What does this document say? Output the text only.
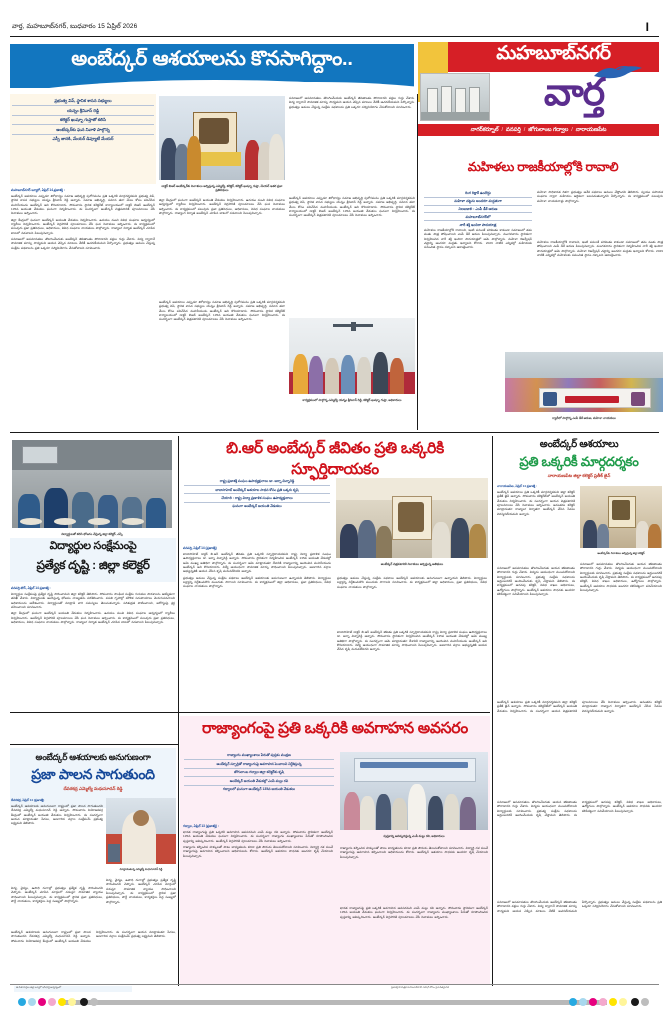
వార్త, మహబూబ్‌నగర్, బుధవారం 15 ఏప్రిల్ 2026	I
అంబేద్కర్ ఆశయాలను కొనసాగిద్దాం..	మహబూబ్‌నగర్
వార్త
నాగర్‌కర్నూల్ / వనపర్తి / జోగులాంబ గద్వాల / నారాయణపేట
ప్రభుత్వ విప్, స్థానిక శాసన సభ్యులు
యన్నం శ్రీనివాస్ రెడ్డి
కలెక్టర్ ఖుష్బూ గుప్తాతో కలిసి
అంబేద్కర్‌కు ఘన నివాళి పాల్గొన్న
ఎస్పీ జానకి, మేయర్ డిప్యూటీ మేయర్
మహబూబ్‌నగర్ బ్యూరో, ఏప్రిల్ 14,ప్రజాశక్తి :
అంబేద్కర్ ఆశయాలు ఎప్పుడూ శిరోధార్యం సమాజ అభివృద్ధి పురోగమనం ప్రతి ఒక్కరికి మార్గదర్శకమని ప్రభుత్వ విప్, స్థానిక శాసన సభ్యులు యన్నం శ్రీనివాస్ రెడ్డి అన్నారు. సమాజ అభివృద్ధి, సమాన తలా మేలు కోసం పనిచేసిన మహనీయుడు అంబేద్కర్ అని కొనియాడారు. సోమవారం స్థానిక కలెక్టరేట్ కార్యాలయంలో డాక్టర్ బిఆర్ అంబేద్కర్ 135వ జయంతి వేడుకలు ఘనంగా నిర్వహించారు. ఈ సందర్భంగా అంబేద్కర్ చిత్రపటానికి పూలమాలలు వేసి నివాళులు అర్పించారు.
జిల్లా కేంద్రంలో ఘనంగా అంబేద్కర్ జయంతి వేడుకలు నిర్వహించారు. ఉదయం నుంచి వివిధ సంఘాల ఆధ్వర్యంలో ర్యాలీలు నిర్వహించారు. అంబేద్కర్ విగ్రహానికి పూలమాలలు వేసి ఘన నివాళులు అర్పించారు. ఈ కార్యక్రమంలో పలువురు ప్రజా ప్రతినిధులు, అధికారులు, వివిధ సంఘాల నాయకులు పాల్గొన్నారు. రాజ్యాంగ నిర్మాత అంబేద్కర్ చూపిన బాటలో నడవాలని పిలుపునిచ్చారు.
సమాజంలో అసమానతలు తొలగించేందుకు అంబేద్కర్ జీవితాంతం పోరాడారని వక్తలు గుర్తు చేశారు. విద్య ద్వారానే సామాజిక మార్పు సాధ్యమని ఆయన చెప్పిన మాటలు నేటికీ ఆచరణీయమని పేర్కొన్నారు. ప్రభుత్వం అమలు చేస్తున్న సంక్షేమ పథకాలను ప్రతి ఒక్కరూ సద్వినియోగం చేసుకోవాలని సూచించారు.
డాక్టర్ బిఆర్ అంబేద్కర్‌కు నివాళులు అర్పిస్తున్న ఎమ్మెల్యే, కలెక్టర్, కలెక్టర్ ఖుష్బూ గుప్తా, మేయర్ ఇతర ప్రజా ప్రతినిధులు
జిల్లా కేంద్రంలో ఘనంగా అంబేద్కర్ జయంతి వేడుకలు నిర్వహించారు. ఉదయం నుంచి వివిధ సంఘాల ఆధ్వర్యంలో ర్యాలీలు నిర్వహించారు. అంబేద్కర్ విగ్రహానికి పూలమాలలు వేసి ఘన నివాళులు అర్పించారు. ఈ కార్యక్రమంలో పలువురు ప్రజా ప్రతినిధులు, అధికారులు, వివిధ సంఘాల నాయకులు పాల్గొన్నారు. రాజ్యాంగ నిర్మాత అంబేద్కర్ చూపిన బాటలో నడవాలని పిలుపునిచ్చారు.
అంబేద్కర్ ఆశయాలు ఎప్పుడూ శిరోధార్యం సమాజ అభివృద్ధి పురోగమనం ప్రతి ఒక్కరికి మార్గదర్శకమని ప్రభుత్వ విప్, స్థానిక శాసన సభ్యులు యన్నం శ్రీనివాస్ రెడ్డి అన్నారు. సమాజ అభివృద్ధి, సమాన తలా మేలు కోసం పనిచేసిన మహనీయుడు అంబేద్కర్ అని కొనియాడారు. సోమవారం స్థానిక కలెక్టరేట్ కార్యాలయంలో డాక్టర్ బిఆర్ అంబేద్కర్ 135వ జయంతి వేడుకలు ఘనంగా నిర్వహించారు. ఈ సందర్భంగా అంబేద్కర్ చిత్రపటానికి పూలమాలలు వేసి నివాళులు అర్పించారు.
సమాజంలో అసమానతలు తొలగించేందుకు అంబేద్కర్ జీవితాంతం పోరాడారని వక్తలు గుర్తు చేశారు. విద్య ద్వారానే సామాజిక మార్పు సాధ్యమని ఆయన చెప్పిన మాటలు నేటికీ ఆచరణీయమని పేర్కొన్నారు. ప్రభుత్వం అమలు చేస్తున్న సంక్షేమ పథకాలను ప్రతి ఒక్కరూ సద్వినియోగం చేసుకోవాలని సూచించారు.
అంబేద్కర్ ఆశయాలు ఎప్పుడూ శిరోధార్యం సమాజ అభివృద్ధి పురోగమనం ప్రతి ఒక్కరికి మార్గదర్శకమని ప్రభుత్వ విప్, స్థానిక శాసన సభ్యులు యన్నం శ్రీనివాస్ రెడ్డి అన్నారు. సమాజ అభివృద్ధి, సమాన తలా మేలు కోసం పనిచేసిన మహనీయుడు అంబేద్కర్ అని కొనియాడారు. సోమవారం స్థానిక కలెక్టరేట్ కార్యాలయంలో డాక్టర్ బిఆర్ అంబేద్కర్ 135వ జయంతి వేడుకలు ఘనంగా నిర్వహించారు. ఈ సందర్భంగా అంబేద్కర్ చిత్రపటానికి పూలమాలలు వేసి నివాళులు అర్పించారు.
కార్యక్రమంలో పాల్గొన్న ఎమ్మెల్యే యన్నం శ్రీనివాస్ రెడ్డి, కలెక్టర్ ఖుష్బూ గుప్తా, అధికారులు
మహిళలు రాజకీయాల్లోకి రావాలి
రింగ రిక్షాకే ఉందొద్దు
మహిళా చట్టను అందరూ మద్దతుగా
నిలబడాలి : ఎంపీ డీకే అరుణ
మహబూబ్‌నగర్‌లో
నారీ శక్తి ఇందిరా పాదయాత్ర
మహిళలు రాజకీయాల్లోకి రావాలని, ఇంటి పనులకే పరిమితం కాకుండా సమాజంలో తమ వంతు పాత్ర పోషించాలని ఎంపీ డీకే అరుణ పిలుపునిచ్చారు. మంగళవారం స్థానికంగా నిర్వహించిన నారీ శక్తి ఇందిరా పాదయాత్రలో ఆమె పాల్గొన్నారు. మహిళా రిజర్వేషన్ చట్టాన్ని అందరూ మద్దతు ఇవ్వాలని కోరారు. 2029 నాటికి ఎన్నికల్లో మహిళలకు సముచిత స్థానం దక్కాలని ఆకాంక్షించారు.
మహిళా సాధికారత దిశగా ప్రభుత్వం అనేక పథకాలు అమలు చేస్తోందని తెలిపారు. స్వయం సహాయక సంఘాల ద్వారా మహిళలు ఆర్థికంగా బలపడుతున్నారని పేర్కొన్నారు. ఈ కార్యక్రమంలో పలువురు మహిళా నాయకురాళ్లు పాల్గొన్నారు.
మహిళలు రాజకీయాల్లోకి రావాలని, ఇంటి పనులకే పరిమితం కాకుండా సమాజంలో తమ వంతు పాత్ర పోషించాలని ఎంపీ డీకే అరుణ పిలుపునిచ్చారు. మంగళవారం స్థానికంగా నిర్వహించిన నారీ శక్తి ఇందిరా పాదయాత్రలో ఆమె పాల్గొన్నారు. మహిళా రిజర్వేషన్ చట్టాన్ని అందరూ మద్దతు ఇవ్వాలని కోరారు. 2029 నాటికి ఎన్నికల్లో మహిళలకు సముచిత స్థానం దక్కాలని ఆకాంక్షించారు.
ర్యాలీలో పాల్గొన్న ఎంపీ డీకే అరుణ, మహిళా నాయకులు
విద్యార్థులతో కలిసి భోజనం చేస్తున్న జిల్లా కలెక్టర్, ఎస్పీ
విద్యార్థుల సంక్షేమంపై
ప్రత్యేక దృష్టి : జిల్లా కలెక్టర్
వనపర్తి టౌన్, ఏప్రిల్ 14 ప్రజాశక్తి :
విద్యార్థుల సంక్షేమంపై ప్రత్యేక దృష్టి సారించామని జిల్లా కలెక్టర్ తెలిపారు. సోమవారం సాంఘిక సంక్షేమ గురుకుల పాఠశాలను ఆకస్మికంగా తనిఖీ చేశారు. విద్యార్థులకు అందిస్తున్న భోజనం నాణ్యతను పరిశీలించారు. వసతి గృహాల్లో మౌలిక సదుపాయాలు మెరుగుపరచాలని అధికారులను ఆదేశించారు. విద్యార్థులతో మాట్లాడి వారి సమస్యలు తెలుసుకున్నారు. పరిశుభ్రత పాటించాలని, ఆరోగ్యంపై శ్రద్ధ వహించాలని సూచించారు.
జిల్లా కేంద్రంలో ఘనంగా అంబేద్కర్ జయంతి వేడుకలు నిర్వహించారు. ఉదయం నుంచి వివిధ సంఘాల ఆధ్వర్యంలో ర్యాలీలు నిర్వహించారు. అంబేద్కర్ విగ్రహానికి పూలమాలలు వేసి ఘన నివాళులు అర్పించారు. ఈ కార్యక్రమంలో పలువురు ప్రజా ప్రతినిధులు, అధికారులు, వివిధ సంఘాల నాయకులు పాల్గొన్నారు. రాజ్యాంగ నిర్మాత అంబేద్కర్ చూపిన బాటలో నడవాలని పిలుపునిచ్చారు.
బి.ఆర్ అంబేద్కర్ జీవితం ప్రతి ఒక్కరికి స్ఫూర్తిదాయకం
రాష్ట్ర ప్రజాశక్తి సంఘం ఉపాధ్యక్షురాలు డా. జర్నా చిన్నారెడ్డి
బాబాసాహెబ్ అంబేద్కర్ ఆశయాల సాధన కోసం ప్రతి ఒక్కరు కృషి
చేయాలి : రాష్ట్ర విద్యా ప్రణాళిక సంఘం ఉపాధ్యక్షురాలు
ఘనంగా అంబేద్కర్ జయంతి వేడుకలు
అంబేద్కర్ చిత్రపటానికి నివాళులు అర్పిస్తున్న అతిథులు
వనపర్తి, ఏప్రిల్ 14 (ప్రజాశక్తి)
బాబాసాహెబ్ డాక్టర్ బి.ఆర్ అంబేద్కర్ జీవితం ప్రతి ఒక్కరికి స్ఫూర్తిదాయకమని రాష్ట్ర విద్యా ప్రణాళిక సంఘం ఉపాధ్యక్షురాలు డా. జర్నా చిన్నారెడ్డి అన్నారు. సోమవారం స్థానికంగా నిర్వహించిన అంబేద్కర్ 135వ జయంతి వేడుకల్లో ఆమె ముఖ్య అతిథిగా పాల్గొన్నారు. ఈ సందర్భంగా ఆమె మాట్లాడుతూ దేశానికి రాజ్యాంగాన్ని అందించిన మహనీయుడు అంబేద్కర్ అని కొనియాడారు. విద్యే ఆయుధంగా సామాజిక మార్పు సాధించాలని పిలుపునిచ్చారు. అణగారిన వర్గాల అభ్యున్నతికి ఆయన చేసిన కృషి మరువలేనిదని అన్నారు.
ప్రభుత్వం అమలు చేస్తున్న సంక్షేమ పథకాలు అంబేద్కర్ ఆశయాలకు అనుగుణంగా ఉన్నాయని తెలిపారు. విద్యార్థులు లక్ష్యాన్ని నిర్దేశించుకొని ముందుకు సాగాలని సూచించారు. ఈ కార్యక్రమంలో జిల్లా అధికారులు, ప్రజా ప్రతినిధులు, వివిధ సంఘాల నాయకులు పాల్గొన్నారు.
ప్రభుత్వం అమలు చేస్తున్న సంక్షేమ పథకాలు అంబేద్కర్ ఆశయాలకు అనుగుణంగా ఉన్నాయని తెలిపారు. విద్యార్థులు లక్ష్యాన్ని నిర్దేశించుకొని ముందుకు సాగాలని సూచించారు. ఈ కార్యక్రమంలో జిల్లా అధికారులు, ప్రజా ప్రతినిధులు, వివిధ సంఘాల నాయకులు పాల్గొన్నారు.
బాబాసాహెబ్ డాక్టర్ బి.ఆర్ అంబేద్కర్ జీవితం ప్రతి ఒక్కరికి స్ఫూర్తిదాయకమని రాష్ట్ర విద్యా ప్రణాళిక సంఘం ఉపాధ్యక్షురాలు డా. జర్నా చిన్నారెడ్డి అన్నారు. సోమవారం స్థానికంగా నిర్వహించిన అంబేద్కర్ 135వ జయంతి వేడుకల్లో ఆమె ముఖ్య అతిథిగా పాల్గొన్నారు. ఈ సందర్భంగా ఆమె మాట్లాడుతూ దేశానికి రాజ్యాంగాన్ని అందించిన మహనీయుడు అంబేద్కర్ అని కొనియాడారు. విద్యే ఆయుధంగా సామాజిక మార్పు సాధించాలని పిలుపునిచ్చారు. అణగారిన వర్గాల అభ్యున్నతికి ఆయన చేసిన కృషి మరువలేనిదని అన్నారు.
అంబేద్కర్ ఆశయాలు
ప్రతి ఒక్కరికీ మార్గదర్శకం
నారాయణపేట జిల్లా కలెక్టర్ ప్రతీక్ జైన్
నారాయణపేట, ఏప్రిల్ 14 ప్రజాశక్తి :
అంబేద్కర్ ఆశయాలు ప్రతి ఒక్కరికీ మార్గదర్శకమని జిల్లా కలెక్టర్ ప్రతీక్ జైన్ అన్నారు. సోమవారం కలెక్టరేట్‌లో అంబేద్కర్ జయంతి వేడుకలు నిర్వహించారు. ఈ సందర్భంగా ఆయన చిత్రపటానికి పూలమాలలు వేసి నివాళులు అర్పించారు. అనంతరం కలెక్టర్ మాట్లాడుతూ రాజ్యాంగ నిర్మాతగా అంబేద్కర్ చేసిన సేవలు చిరస్మరణీయమని అన్నారు.
అంబేద్కర్‌కు నివాళులు అర్పిస్తున్న జిల్లా కలెక్టర్
సమాజంలో అసమానతలు తొలగించేందుకు ఆయన జీవితాంతం పోరాడారని గుర్తు చేశారు. విద్యను ఆయుధంగా మలచుకోవాలని విద్యార్థులకు సూచించారు. ప్రభుత్వ సంక్షేమ పథకాలను అర్హులందరికీ అందించేందుకు కృషి చేస్తామని తెలిపారు. ఈ కార్యక్రమంలో అదనపు కలెక్టర్, వివిధ శాఖల అధికారులు, ఉద్యోగులు పాల్గొన్నారు. అంబేద్కర్ ఆశయాల సాధనకు అందరూ కలిసికట్టుగా పనిచేయాలని పిలుపునిచ్చారు.
సమాజంలో అసమానతలు తొలగించేందుకు ఆయన జీవితాంతం పోరాడారని గుర్తు చేశారు. విద్యను ఆయుధంగా మలచుకోవాలని విద్యార్థులకు సూచించారు. ప్రభుత్వ సంక్షేమ పథకాలను అర్హులందరికీ అందించేందుకు కృషి చేస్తామని తెలిపారు. ఈ కార్యక్రమంలో అదనపు కలెక్టర్, వివిధ శాఖల అధికారులు, ఉద్యోగులు పాల్గొన్నారు. అంబేద్కర్ ఆశయాల సాధనకు అందరూ కలిసికట్టుగా పనిచేయాలని పిలుపునిచ్చారు.
అంబేద్కర్ ఆశయాలు ప్రతి ఒక్కరికీ మార్గదర్శకమని జిల్లా కలెక్టర్ ప్రతీక్ జైన్ అన్నారు. సోమవారం కలెక్టరేట్‌లో అంబేద్కర్ జయంతి వేడుకలు నిర్వహించారు. ఈ సందర్భంగా ఆయన చిత్రపటానికి పూలమాలలు వేసి నివాళులు అర్పించారు. అనంతరం కలెక్టర్ మాట్లాడుతూ రాజ్యాంగ నిర్మాతగా అంబేద్కర్ చేసిన సేవలు చిరస్మరణీయమని అన్నారు.
సమాజంలో అసమానతలు తొలగించేందుకు ఆయన జీవితాంతం పోరాడారని గుర్తు చేశారు. విద్యను ఆయుధంగా మలచుకోవాలని విద్యార్థులకు సూచించారు. ప్రభుత్వ సంక్షేమ పథకాలను అర్హులందరికీ అందించేందుకు కృషి చేస్తామని తెలిపారు. ఈ కార్యక్రమంలో అదనపు కలెక్టర్, వివిధ శాఖల అధికారులు, ఉద్యోగులు పాల్గొన్నారు. అంబేద్కర్ ఆశయాల సాధనకు అందరూ కలిసికట్టుగా పనిచేయాలని పిలుపునిచ్చారు.
సమాజంలో అసమానతలు తొలగించేందుకు అంబేద్కర్ జీవితాంతం పోరాడారని వక్తలు గుర్తు చేశారు. విద్య ద్వారానే సామాజిక మార్పు సాధ్యమని ఆయన చెప్పిన మాటలు నేటికీ ఆచరణీయమని పేర్కొన్నారు. ప్రభుత్వం అమలు చేస్తున్న సంక్షేమ పథకాలను ప్రతి ఒక్కరూ సద్వినియోగం చేసుకోవాలని సూచించారు.
రాజ్యాంగంపై ప్రతి ఒక్కరికి అవగాహన అవసరం
రాజ్యాంగం ముఖ్యాంశాలు పేరుతో పుస్తకం ముద్రణ
అంబేద్కర్ స్ఫూర్తితో రాజ్యాంగంపై అవగాహన పెంచాలని నిర్దేశిస్తున్న
జోగులాంబ గద్వాల జిల్లా కలెక్టర్‌కు కృషి
అంబేద్కర్ జయంతి వేడుకల్లో ఎంపీ మల్లు రవి
గద్వాలలో ఘనంగా అంబేద్కర్ 135వ జయంతి వేడుకలు
పుస్తకాన్ని ఆవిష్కరిస్తున్న ఎంపీ మల్లు రవి, అధికారులు
గద్వాల, ఏప్రిల్ 13 (ప్రజాశక్తి) :
భారత రాజ్యాంగంపై ప్రతి ఒక్కరికి అవగాహన అవసరమని ఎంపీ మల్లు రవి అన్నారు. సోమవారం స్థానికంగా అంబేద్కర్ 135వ జయంతి వేడుకలు ఘనంగా నిర్వహించారు. ఈ సందర్భంగా రాజ్యాంగం ముఖ్యాంశాలు పేరుతో రూపొందించిన పుస్తకాన్ని ఆవిష్కరించారు. అంబేద్కర్ విగ్రహానికి పూలమాలలు వేసి నివాళులు అర్పించారు.
రాజ్యాంగం కల్పించిన హక్కులతో పాటు బాధ్యతలను కూడా ప్రతి పౌరుడు తెలుసుకోవాలని సూచించారు. విద్యార్థి దశ నుంచే రాజ్యాంగంపై అవగాహన కల్పించాలని అధికారులను కోరారు. అంబేద్కర్ ఆశయాల సాధనకు అందరూ కృషి చేయాలని పిలుపునిచ్చారు.
రాజ్యాంగం కల్పించిన హక్కులతో పాటు బాధ్యతలను కూడా ప్రతి పౌరుడు తెలుసుకోవాలని సూచించారు. విద్యార్థి దశ నుంచే రాజ్యాంగంపై అవగాహన కల్పించాలని అధికారులను కోరారు. అంబేద్కర్ ఆశయాల సాధనకు అందరూ కృషి చేయాలని పిలుపునిచ్చారు.
భారత రాజ్యాంగంపై ప్రతి ఒక్కరికి అవగాహన అవసరమని ఎంపీ మల్లు రవి అన్నారు. సోమవారం స్థానికంగా అంబేద్కర్ 135వ జయంతి వేడుకలు ఘనంగా నిర్వహించారు. ఈ సందర్భంగా రాజ్యాంగం ముఖ్యాంశాలు పేరుతో రూపొందించిన పుస్తకాన్ని ఆవిష్కరించారు. అంబేద్కర్ విగ్రహానికి పూలమాలలు వేసి నివాళులు అర్పించారు.
అంబేద్కర్ ఆశయాలకు అనుగుణంగా
ప్రజా పాలన సాగుతుంది
దేవరకద్ర ఎమ్మెల్యే మధుసూదన్ రెడ్డి
దేవరకద్ర, ఏప్రిల్ 14 (ప్రజాశక్తి)
అంబేద్కర్ ఆశయాలకు అనుగుణంగా రాష్ట్రంలో ప్రజా పాలన సాగుతుందని దేవరకద్ర ఎమ్మెల్యే మధుసూదన్ రెడ్డి అన్నారు. సోమవారం నియోజకవర్గ కేంద్రంలో అంబేద్కర్ జయంతి వేడుకలు నిర్వహించారు. ఈ సందర్భంగా ఆయన మాట్లాడుతూ పేదలు, అణగారిన వర్గాల సంక్షేమమే ప్రభుత్వ లక్ష్యమని తెలిపారు.
మాట్లాడుతున్న ఎమ్మెల్యే మధుసూదన్ రెడ్డి
విద్య, వైద్యం, ఉపాధి రంగాల్లో ప్రభుత్వం ప్రత్యేక దృష్టి సారించిందని చెప్పారు. అంబేద్కర్ చూపిన మార్గంలో నడుస్తూ సామాజిక న్యాయం సాధించాలని పిలుపునిచ్చారు. ఈ కార్యక్రమంలో స్థానిక ప్రజా ప్రతినిధులు, పార్టీ నాయకులు, కార్యకర్తలు పెద్ద సంఖ్యలో పాల్గొన్నారు.
విద్య, వైద్యం, ఉపాధి రంగాల్లో ప్రభుత్వం ప్రత్యేక దృష్టి సారించిందని చెప్పారు. అంబేద్కర్ చూపిన మార్గంలో నడుస్తూ సామాజిక న్యాయం సాధించాలని పిలుపునిచ్చారు. ఈ కార్యక్రమంలో స్థానిక ప్రజా ప్రతినిధులు, పార్టీ నాయకులు, కార్యకర్తలు పెద్ద సంఖ్యలో పాల్గొన్నారు.
అంబేద్కర్ ఆశయాలకు అనుగుణంగా రాష్ట్రంలో ప్రజా పాలన సాగుతుందని దేవరకద్ర ఎమ్మెల్యే మధుసూదన్ రెడ్డి అన్నారు. సోమవారం నియోజకవర్గ కేంద్రంలో అంబేద్కర్ జయంతి వేడుకలు నిర్వహించారు. ఈ సందర్భంగా ఆయన మాట్లాడుతూ పేదలు, అణగారిన వర్గాల సంక్షేమమే ప్రభుత్వ లక్ష్యమని తెలిపారు.
ఈ పేజీ వార్తలు జిల్లా బ్యూరో ఇన్‌ఛార్జి ఆధ్వర్యంలో	ప్రజాశక్తి దినపత్రిక మహబూబ్‌నగర్ ఎడిషన్ కోసం ప్రచురితమైనది
